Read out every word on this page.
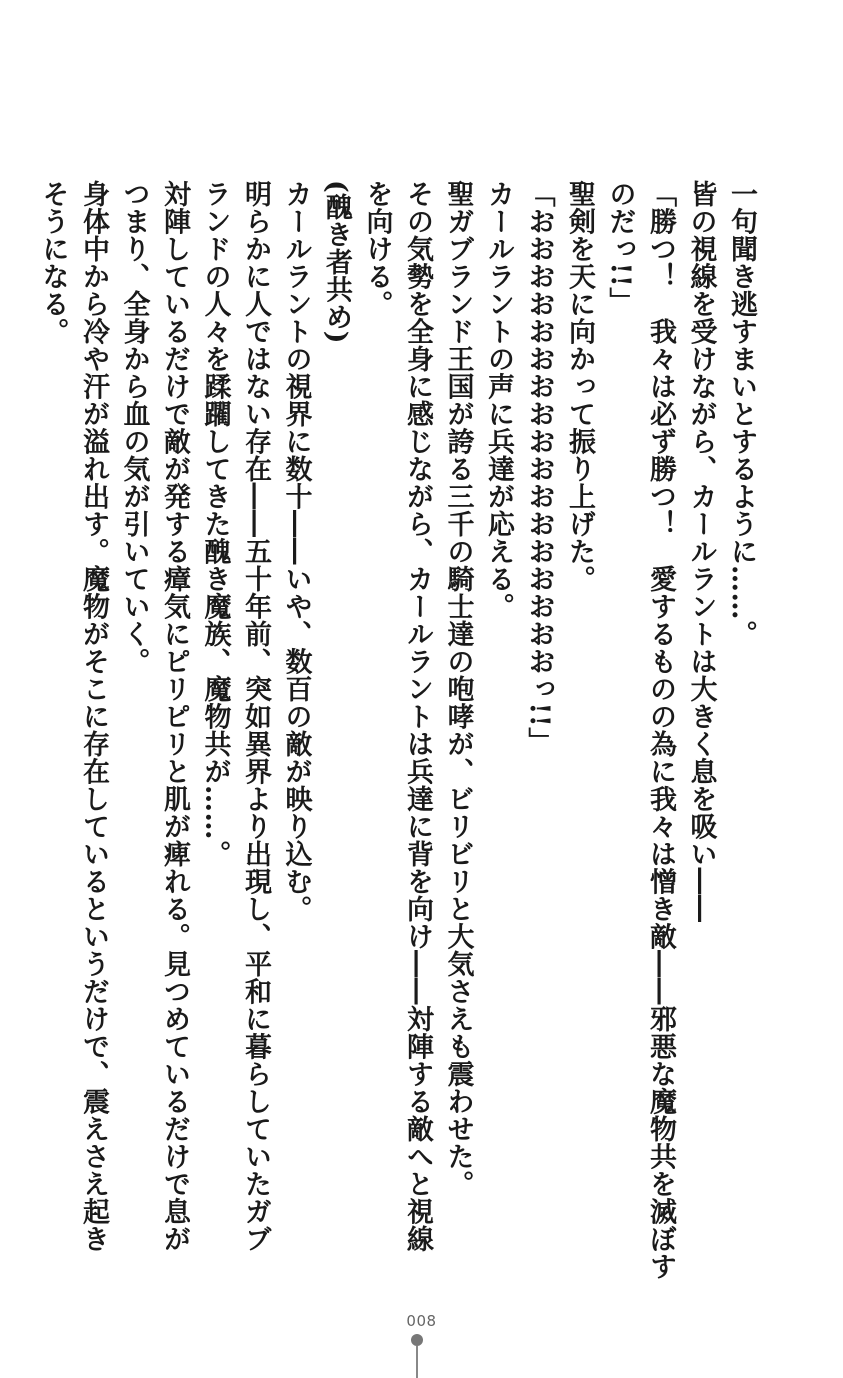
一句聞き逃すまいとするように……。

皆の視線を受けながら、カールラントは大きく息を吸い――

「勝つ！　我々は必ず勝つ！　愛するものの為に我々は憎き敵――邪悪な魔物共を滅ぼす

のだっ!!」

聖剣を天に向かって振り上げた。

「おおおおおおおおおおおおおおおおおっ!!」

カールラントの声に兵達が応える。

聖ガブランド王国が誇る三千の騎士達の咆哮が、ビリビリと大気さえも震わせた。

その気勢を全身に感じながら、カールラントは兵達に背を向け――対陣する敵へと視線

を向ける。

(醜き者共め)

カールラントの視界に数十――いや、数百の敵が映り込む。

明らかに人ではない存在――五十年前、突如異界より出現し、平和に暮らしていたガブ

ランドの人々を蹂躙してきた醜き魔族、魔物共が……。

対陣しているだけで敵が発する瘴気にピリピリと肌が痺れる。見つめているだけで息が

つまり、全身から血の気が引いていく。

身体中から冷や汗が溢れ出す。魔物がそこに存在しているというだけで、震えさえ起き

そうになる。

008
